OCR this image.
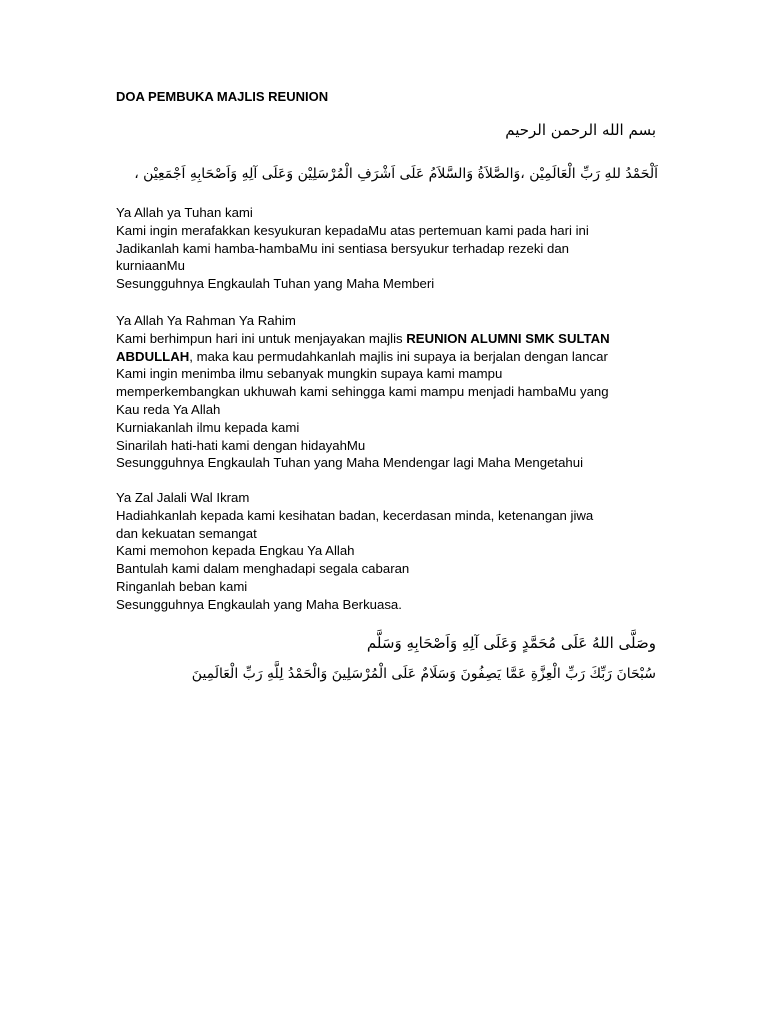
DOA PEMBUKA MAJLIS REUNION
بسم الله الرحمن الرحيم
اَلْحَمْدُ للهِ رَبِّ الْعَالَمِيْن ،وَالصَّلاَةُ وَالسَّلاَمُ عَلَى اَشْرَفِ الْمُرْسَلِيْن وَعَلَى آلِهِ وَاَصْحَابِهِ اَجْمَعِيْن ،
Ya Allah ya Tuhan kami
Kami ingin merafakkan kesyukuran kepadaMu atas pertemuan kami pada hari ini
Jadikanlah kami hamba-hambaMu ini sentiasa bersyukur terhadap rezeki dan
kurniaanMu
Sesungguhnya Engkaulah Tuhan yang Maha Memberi
Ya Allah Ya Rahman Ya Rahim
Kami berhimpun hari ini untuk menjayakan majlis REUNION ALUMNI SMK SULTAN
ABDULLAH, maka kau permudahkanlah majlis ini supaya ia berjalan dengan lancar
Kami ingin menimba ilmu sebanyak mungkin supaya kami mampu
memperkembangkan ukhuwah kami sehingga kami mampu menjadi hambaMu yang
Kau reda Ya Allah
Kurniakanlah ilmu kepada kami
Sinarilah hati-hati kami dengan hidayahMu
Sesungguhnya Engkaulah Tuhan yang Maha Mendengar lagi Maha Mengetahui
Ya Zal Jalali Wal Ikram
Hadiahkanlah kepada kami kesihatan badan, kecerdasan minda, ketenangan jiwa
dan kekuatan semangat
Kami memohon kepada Engkau Ya Allah
Bantulah kami dalam menghadapi segala cabaran
Ringanlah beban kami
Sesungguhnya Engkaulah yang Maha Berkuasa.
وصَلَّى اللهُ عَلَى مُحَمَّدٍ وَعَلَى آلِهِ وَاَصْحَابِهِ وَسَلَّم
سُبْحَانَ رَبِّكَ رَبِّ الْعِزَّةِ عَمَّا يَصِفُونَ وَسَلَامٌ عَلَى الْمُرْسَلِينَ وَالْحَمْدُ لِلَّهِ رَبِّ الْعَالَمِينَ
